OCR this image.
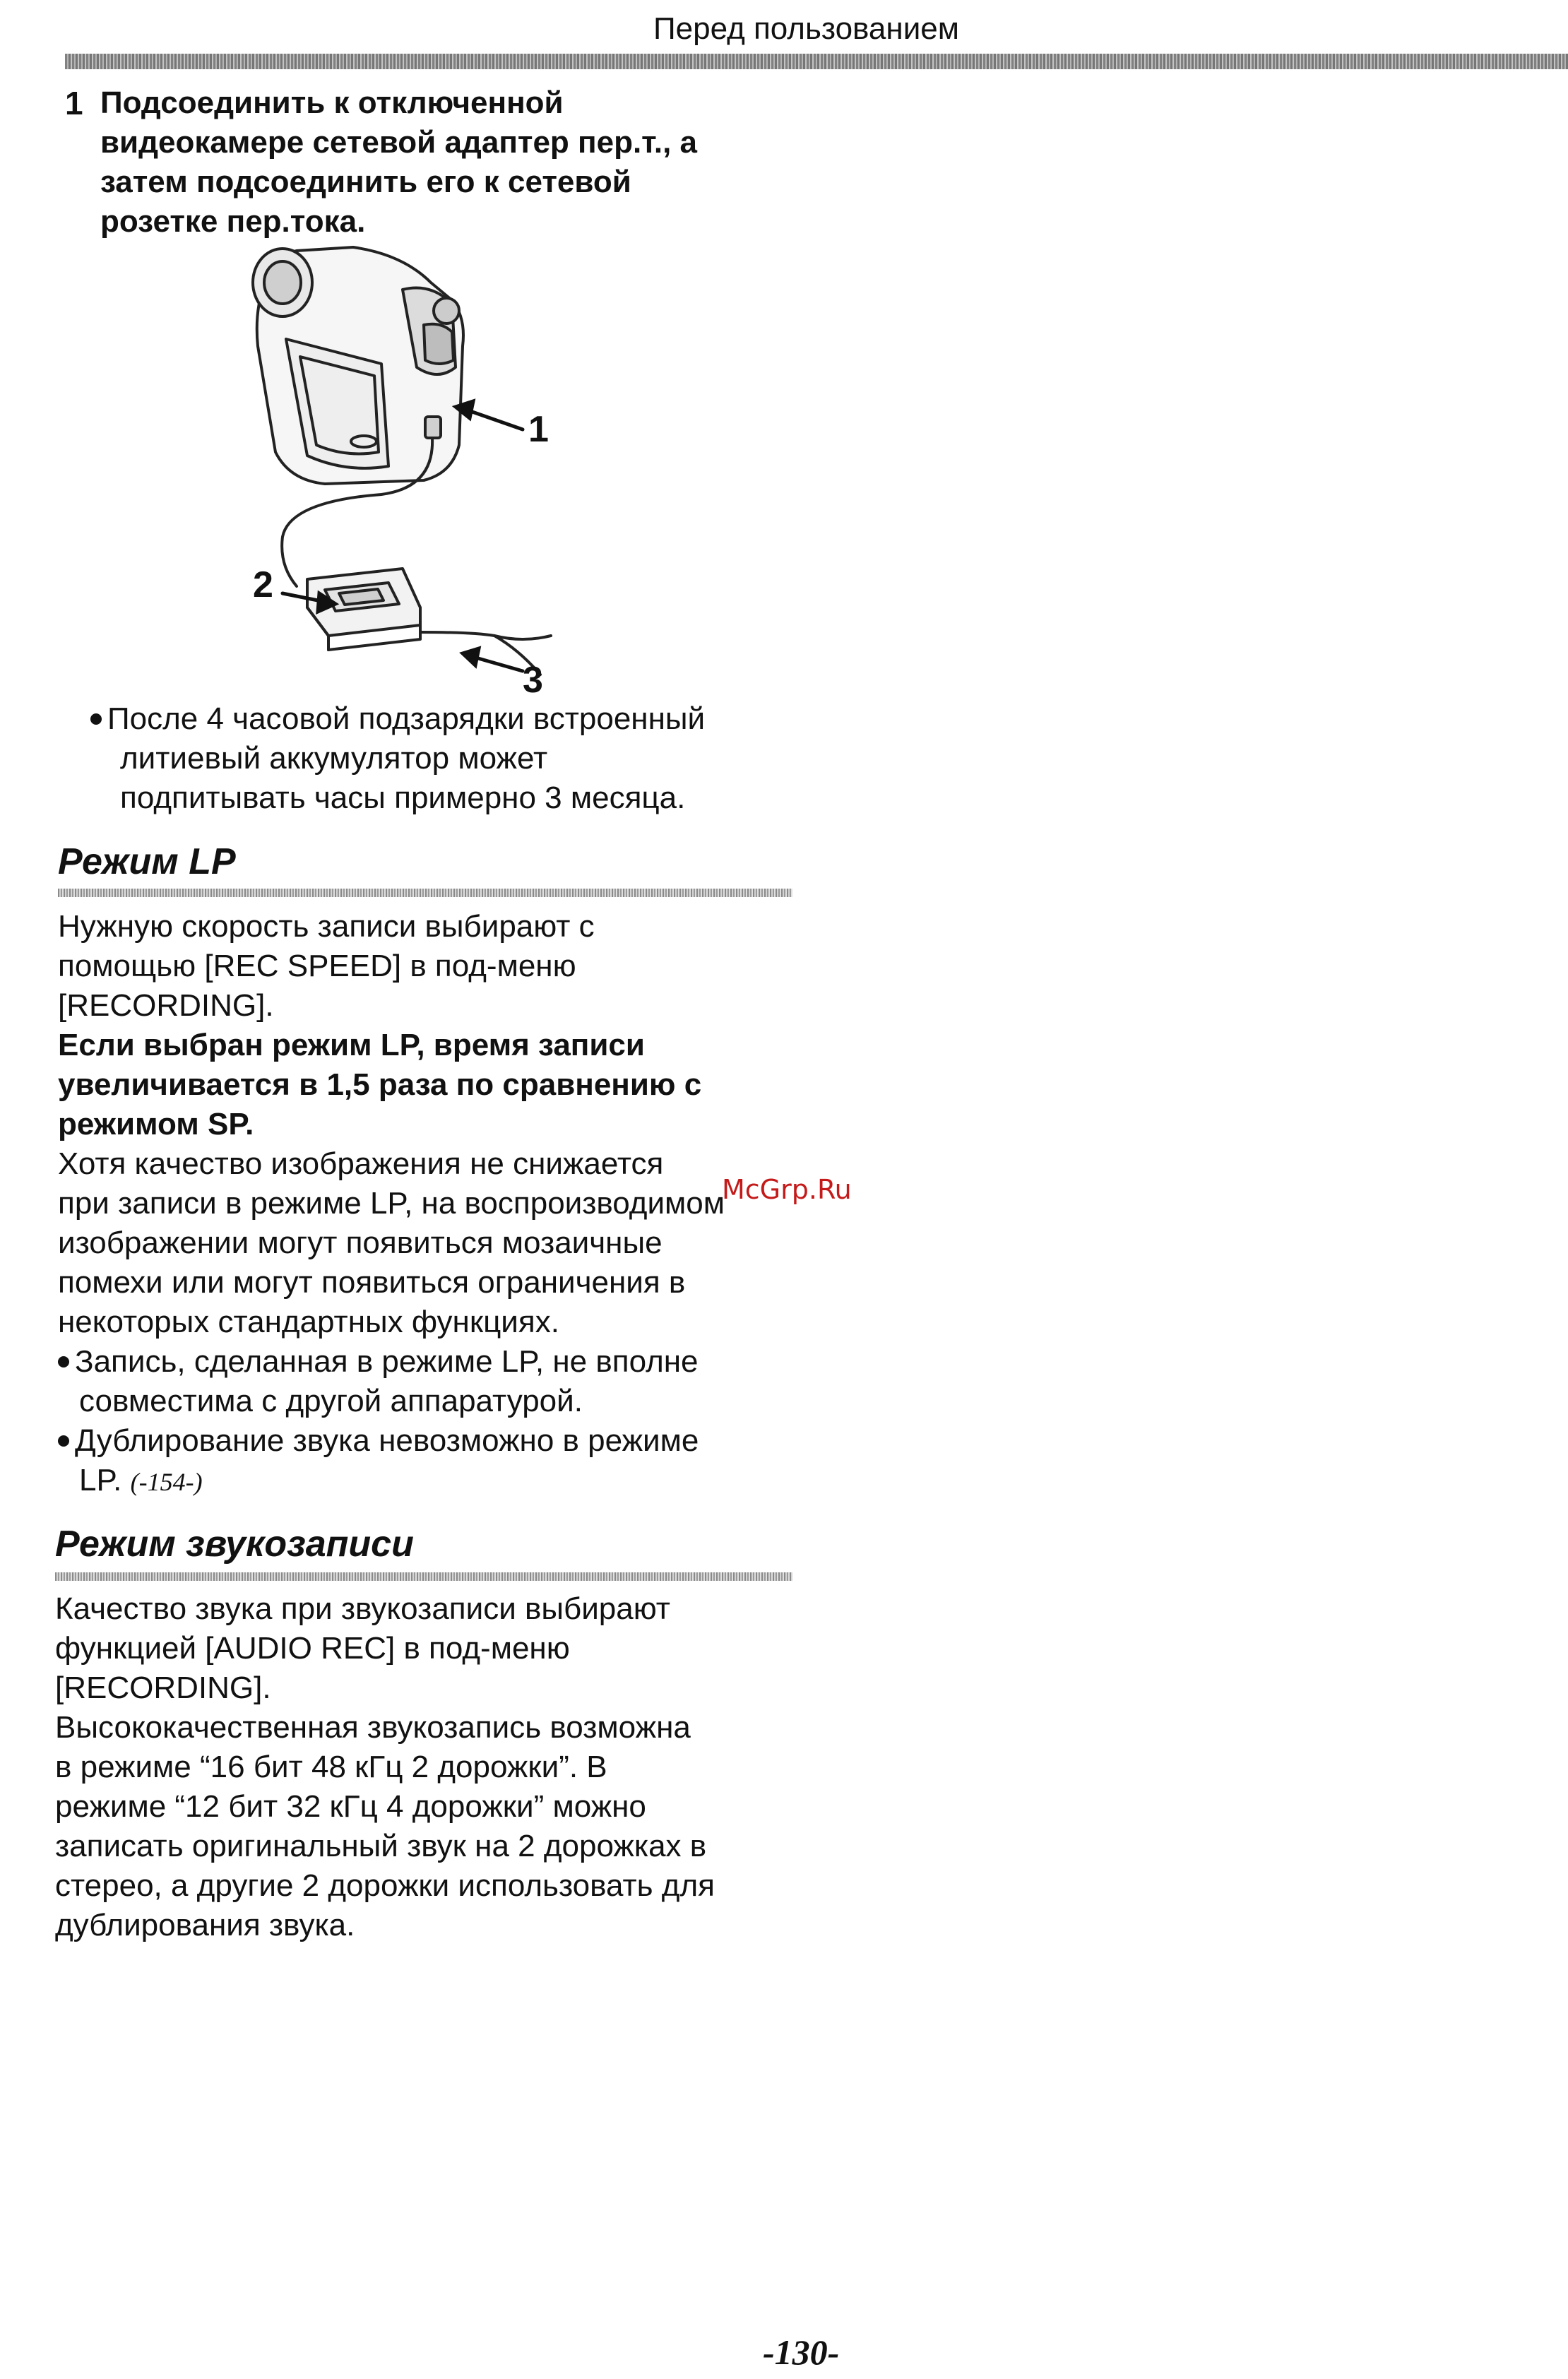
Перед пользованием
1 Подсоединить к отключенной
видеокамере сетевой адаптер пер.т., а
затем подсоединить его к сетевой
розетке пер.тока.
1
2
3
После 4 часовой подзарядки встроенный
литиевый аккумулятор может
подпитывать часы примерно 3 месяца.
Режим LP
Нужную скорость записи выбирают с
помощью [REC SPEED] в под-меню
[RECORDING].
Если выбран режим LP, время записи
увеличивается в 1,5 раза по сравнению с
режимом SP.
Хотя качество изображения не снижается
при записи в режиме LP, на воспроизводимом
изображении могут появиться мозаичные
помехи или могут появиться ограничения в
некоторых стандартных функциях.
Запись, сделанная в режиме LP, не вполне
совместима с другой аппаратурой.
Дублирование звука невозможно в режиме
LP. (-154-)
Режим звукозаписи
Качество звука при звукозаписи выбирают
функцией [AUDIO REC] в под-меню
[RECORDING].
Высококачественная звукозапись возможна
в режиме “16 бит 48 кГц 2 дорожки”. В
режиме “12 бит 32 кГц 4 дорожки” можно
записать оригинальный звук на 2 дорожках в
стерео, а другие 2 дорожки использовать для
дублирования звука.
McGrp.Ru
-130-
